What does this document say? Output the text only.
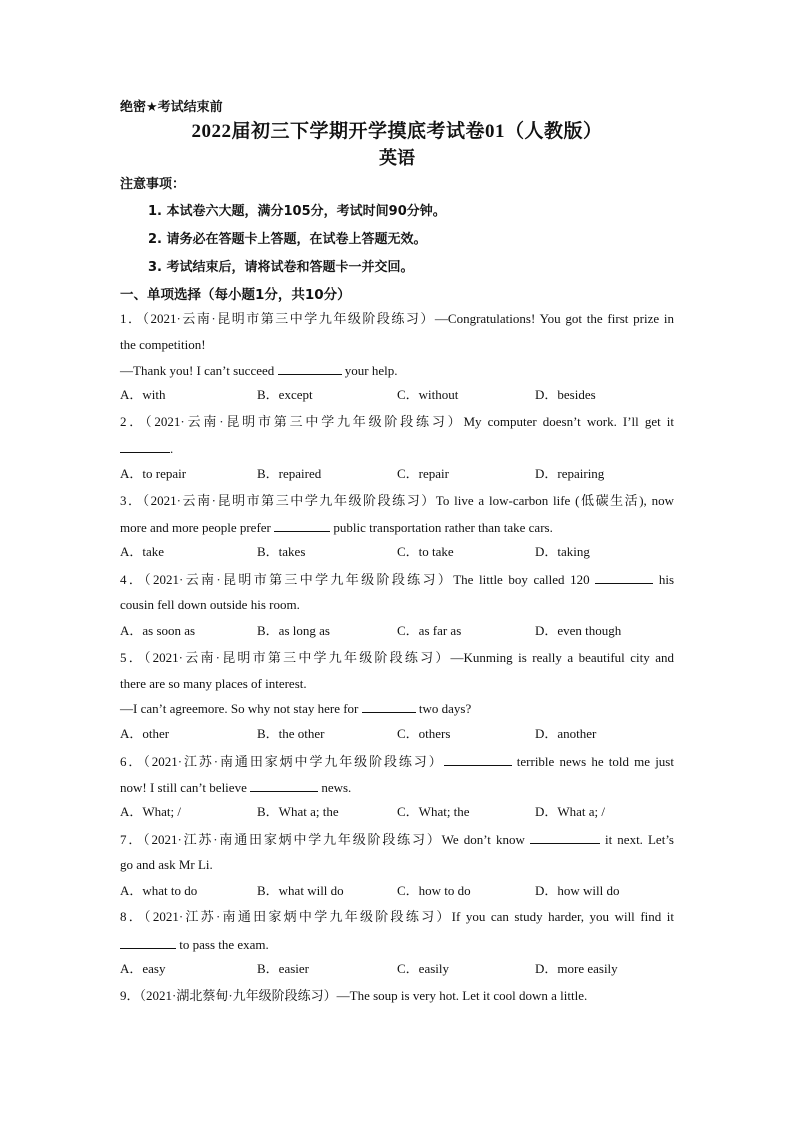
绝密★考试结束前
2022届初三下学期开学摸底考试卷01（人教版）
英语
注意事项：
1. 本试卷六大题，满分105分，考试时间90分钟。
2. 请务必在答题卡上答题，在试卷上答题无效。
3. 考试结束后，请将试卷和答题卡一并交回。
一、单项选择（每小题1分，共10分）
1．（2021·云南·昆明市第三中学九年级阶段练习）—Congratulations! You got the first prize in
the competition!
—Thank you! I can’t succeed	your help.
A．with	B．except	C．without	D．besides
2．（2021·云南·昆明市第三中学九年级阶段练习）My computer doesn’t work. I’ll get it
.
A．to repair	B．repaired	C．repair	D．repairing
3．（2021·云南·昆明市第三中学九年级阶段练习）To live a low-carbon life (低碳生活), now
more and more people prefer	public transportation rather than take cars.
A．take	B．takes	C．to take	D．taking
4．（2021·云南·昆明市第三中学九年级阶段练习）The little boy called 120	his
cousin fell down outside his room.
A．as soon as	B．as long as	C．as far as	D．even though
5．（2021·云南·昆明市第三中学九年级阶段练习）—Kunming is really a beautiful city and
there are so many places of interest.
—I can’t agreemore. So why not stay here for	two days?
A．other	B．the other	C．others	D．another
6．（2021·江苏·南通田家炳中学九年级阶段练习）	terrible news he told me just
now! I still can’t believe	news.
A．What; /	B．What a; the	C．What; the	D．What a; /
7．（2021·江苏·南通田家炳中学九年级阶段练习）We don’t know	it next. Let’s
go and ask Mr Li.
A．what to do	B．what will do	C．how to do	D．how will do
8．（2021·江苏·南通田家炳中学九年级阶段练习）If you can study harder, you will find it
to pass the exam.
A．easy	B．easier	C．easily	D．more easily
9．（2021·湖北蔡甸·九年级阶段练习）—The soup is very hot. Let it cool down a little.
